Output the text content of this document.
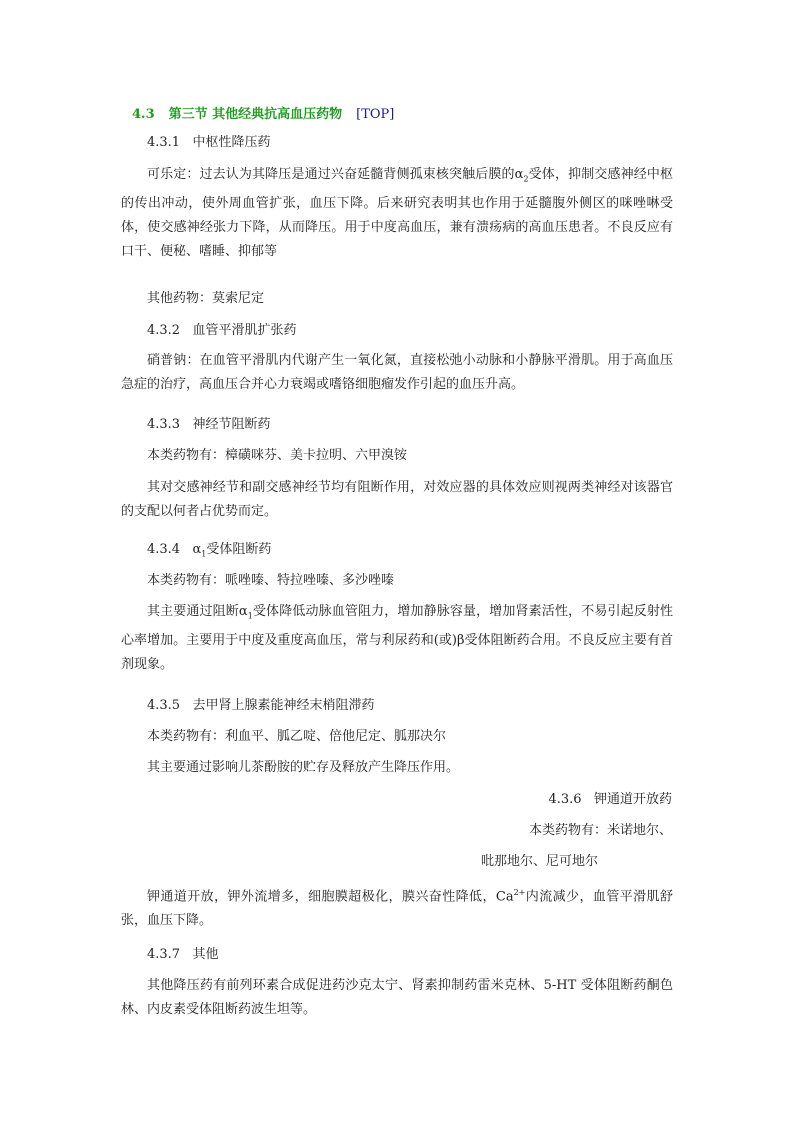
4.3 第三节 其他经典抗高血压药物 [TOP]
4.3.1 中枢性降压药

可乐定：过去认为其降压是通过兴奋延髓背侧孤束核突触后膜的$\alpha_2$受体，抑制交感神经中枢的传出冲动，使外周血管扩张，血压下降。后来研究表明其也作用于延髓腹外侧区的咪唑啉受体，使交感神经张力下降，从而降压。用于中度高血压，兼有溃疡病的高血压患者。不良反应有口干、便秘、嗜睡、抑郁等

其他药物：莫索尼定
4.3.2 血管平滑肌扩张药

硝普钠：在血管平滑肌内代谢产生一氧化氮，直接松弛小动脉和小静脉平滑肌。用于高血压急症的治疗，高血压合并心力衰竭或嗜铬细胞瘤发作引起的血压升高。

4.3.3 神经节阻断药
本类药物有：樟磺咪芬、美卡拉明、六甲溴铵

其对交感神经节和副交感神经节均有阻断作用，对效应器的具体效应则视两类神经对该器官的支配以何者占优势而定。

4.3.4 $\alpha_1$受体阻断药
本类药物有：哌唑嗪、特拉唑嗪、多沙唑嗪

其主要通过阻断$\alpha_1$受体降低动脉血管阻力，增加静脉容量，增加肾素活性，不易引起反射性心率增加。主要用于中度及重度高血压，常与利尿药和(或)β受体阻断药合用。不良反应主要有首剂现象。

4.3.5 去甲肾上腺素能神经末梢阻滞药
本类药物有：利血平、胍乙啶、倍他尼定、胍那决尔
其主要通过影响儿茶酚胺的贮存及释放产生降压作用。
4.3.6 钾通道开放药
本类药物有：米诺地尔、
吡那地尔、尼可地尔

钾通道开放，钾外流增多，细胞膜超极化，膜兴奋性降低，$Ca^{2+}$内流减少，血管平滑肌舒张，血压下降。

4.3.7 其他

其他降压药有前列环素合成促进药沙克太宁、肾素抑制药雷米克林、5-HT 受体阻断药酮色林、内皮素受体阻断药波生坦等。
